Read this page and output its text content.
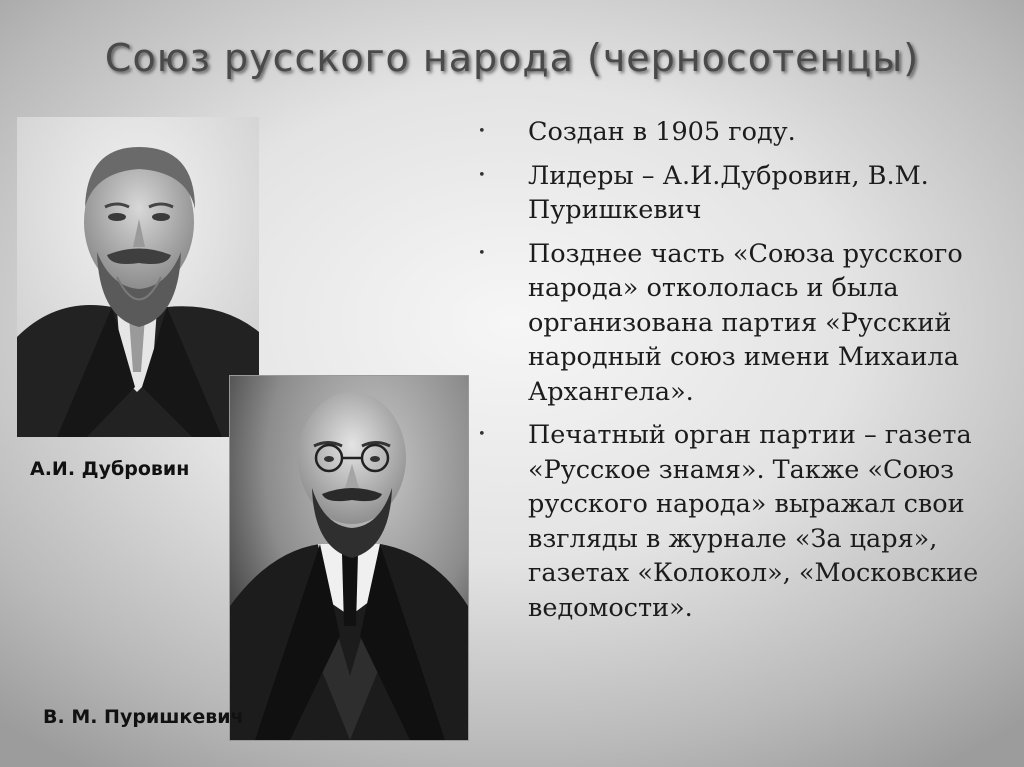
Союз русского народа (черносотенцы)
А.И. Дубровин
В. М. Пуришкевич
• Создан в 1905 году.
• Лидеры – А.И.Дубровин, В.М. Пуришкевич
• Позднее часть «Союза русского народа» откололась и была организована партия «Русский народный союз имени Михаила Архангела».
• Печатный орган партии – газета «Русское знамя». Также «Союз русского народа» выражал свои взгляды в журнале «За царя», газетах «Колокол», «Московские ведомости».
